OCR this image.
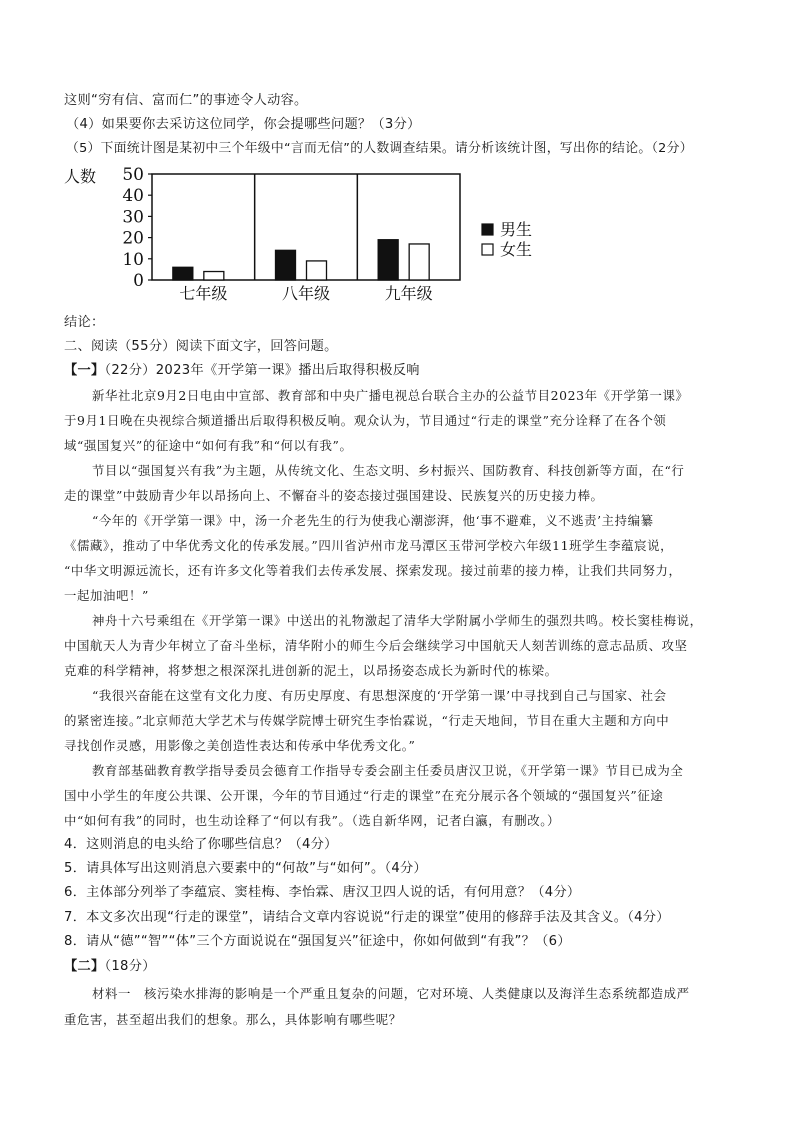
这则“穷有信、富而仁”的事迹令人动容。
（4）如果要你去采访这位同学，你会提哪些问题？（3分）
（5）下面统计图是某初中三个年级中“言而无信”的人数调查结果。请分析该统计图，写出你的结论。（2分）
人数
0
10
20
30
40
50
七年级	八年级	九年级
男生
女生
结论：
二、阅读（55分）阅读下面文字，回答问题。
【一】（22分）2023年《开学第一课》播出后取得积极反响
新华社北京9月2日电由中宣部、教育部和中央广播电视总台联合主办的公益节目2023年《开学第一课》
于9月1日晚在央视综合频道播出后取得积极反响。观众认为，节目通过“行走的课堂”充分诠释了在各个领
域“强国复兴”的征途中“如何有我”和“何以有我”。
节目以“强国复兴有我”为主题，从传统文化、生态文明、乡村振兴、国防教育、科技创新等方面，在“行
走的课堂”中鼓励青少年以昂扬向上、不懈奋斗的姿态接过强国建设、民族复兴的历史接力棒。
“今年的《开学第一课》中，汤一介老先生的行为使我心潮澎湃，他‘事不避难，义不逃责’主持编纂
《儒藏》，推动了中华优秀文化的传承发展。”四川省泸州市龙马潭区玉带河学校六年级11班学生李蕴宸说，
“中华文明源远流长，还有许多文化等着我们去传承发展、探索发现。接过前辈的接力棒，让我们共同努力，
一起加油吧！”
神舟十六号乘组在《开学第一课》中送出的礼物激起了清华大学附属小学师生的强烈共鸣。校长窦桂梅说，
中国航天人为青少年树立了奋斗坐标，清华附小的师生今后会继续学习中国航天人刻苦训练的意志品质、攻坚
克难的科学精神，将梦想之根深深扎进创新的泥土，以昂扬姿态成长为新时代的栋梁。
“我很兴奋能在这堂有文化力度、有历史厚度、有思想深度的‘开学第一课’中寻找到自己与国家、社会
的紧密连接。”北京师范大学艺术与传媒学院博士研究生李怡霖说，“行走天地间，节目在重大主题和方向中
寻找创作灵感，用影像之美创造性表达和传承中华优秀文化。”
教育部基础教育教学指导委员会德育工作指导专委会副主任委员唐汉卫说，《开学第一课》节目已成为全
国中小学生的年度公共课、公开课，今年的节目通过“行走的课堂”在充分展示各个领域的“强国复兴”征途
中“如何有我”的同时，也生动诠释了“何以有我”。（选自新华网，记者白瀛，有删改。）
4．这则消息的电头给了你哪些信息？（4分）
5．请具体写出这则消息六要素中的“何故”与“如何”。（4分）
6．主体部分列举了李蕴宸、窦桂梅、李怡霖、唐汉卫四人说的话，有何用意？（4分）
7．本文多次出现“行走的课堂”，请结合文章内容说说“行走的课堂”使用的修辞手法及其含义。（4分）
8．请从“德”“智”“体”三个方面说说在“强国复兴”征途中，你如何做到“有我”？（6）
【二】（18分）
材料一　核污染水排海的影响是一个严重且复杂的问题，它对环境、人类健康以及海洋生态系统都造成严
重危害，甚至超出我们的想象。那么，具体影响有哪些呢？
